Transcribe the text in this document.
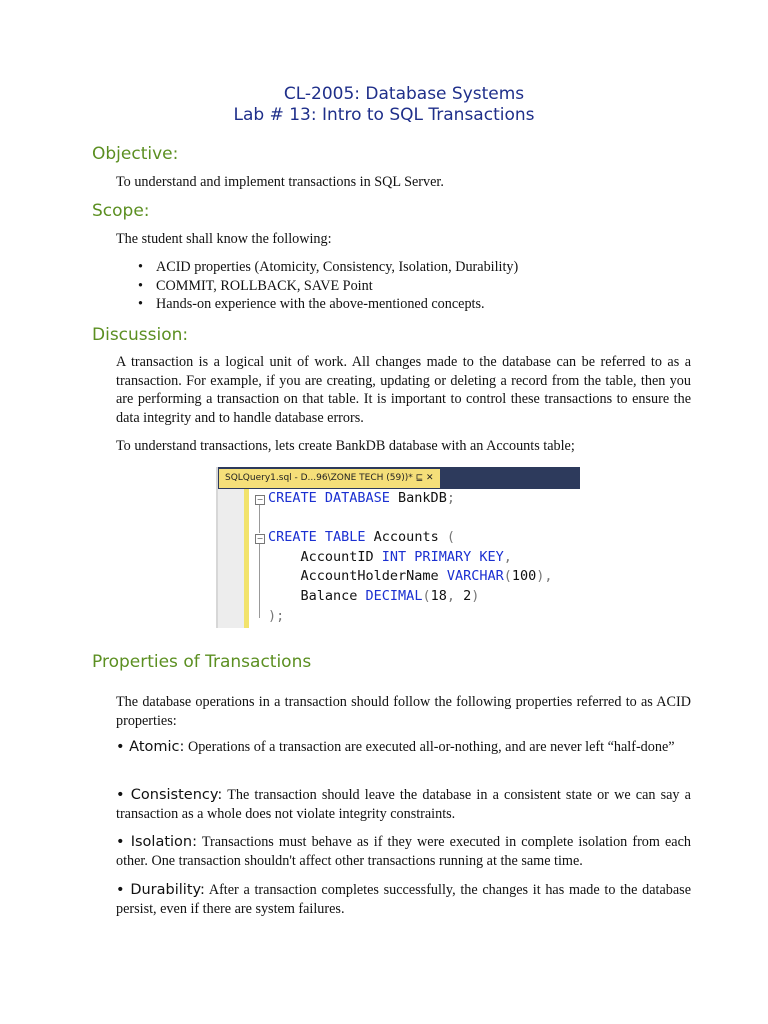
CL-2005: Database Systems
Lab # 13: Intro to SQL Transactions
Objective:

To understand and implement transactions in SQL Server.

Scope:

The student shall know the following:

• ACID properties (Atomicity, Consistency, Isolation, Durability)
• COMMIT, ROLLBACK, SAVE Point
• Hands-on experience with the above-mentioned concepts.
Discussion:

A transaction is a logical unit of work. All changes made to the database can be referred to as a transaction. For example, if you are creating, updating or deleting a record from the table, then you are performing a transaction on that table. It is important to control these transactions to ensure the data integrity and to handle database errors.

To understand transactions, lets create BankDB database with an Accounts table;

SQLQuery1.sql - D...96\ZONE TECH (59))* ⊑ ✕
−
−
CREATE DATABASE BankDB;

CREATE TABLE Accounts (
AccountID INT PRIMARY KEY,
AccountHolderName VARCHAR(100),
Balance DECIMAL(18, 2)
);
Properties of Transactions

The database operations in a transaction should follow the following properties referred to as ACID properties:

• Atomic: Operations of a transaction are executed all-or-nothing, and are never left “half-done”

• Consistency: The transaction should leave the database in a consistent state or we can say a transaction as a whole does not violate integrity constraints.

• Isolation: Transactions must behave as if they were executed in complete isolation from each other. One transaction shouldn't affect other transactions running at the same time.

• Durability: After a transaction completes successfully, the changes it has made to the database persist, even if there are system failures.
